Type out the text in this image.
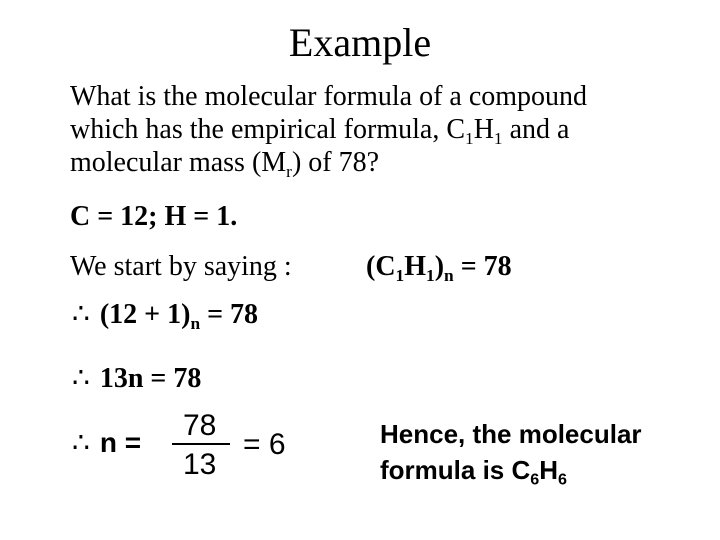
Example
What is the molecular formula of a compound
which has the empirical formula, $C_1H_1$ and a
molecular mass $(M_r)$ of 78?
C = 12; H = 1.
We start by saying :	$(C_1H_1)_n = 78$
∴ $(12 + 1)_n = 78$
∴ 13n = 78
∴ n =
78
13
= 6	Hence, the molecular
formula is $C_6H_6$
